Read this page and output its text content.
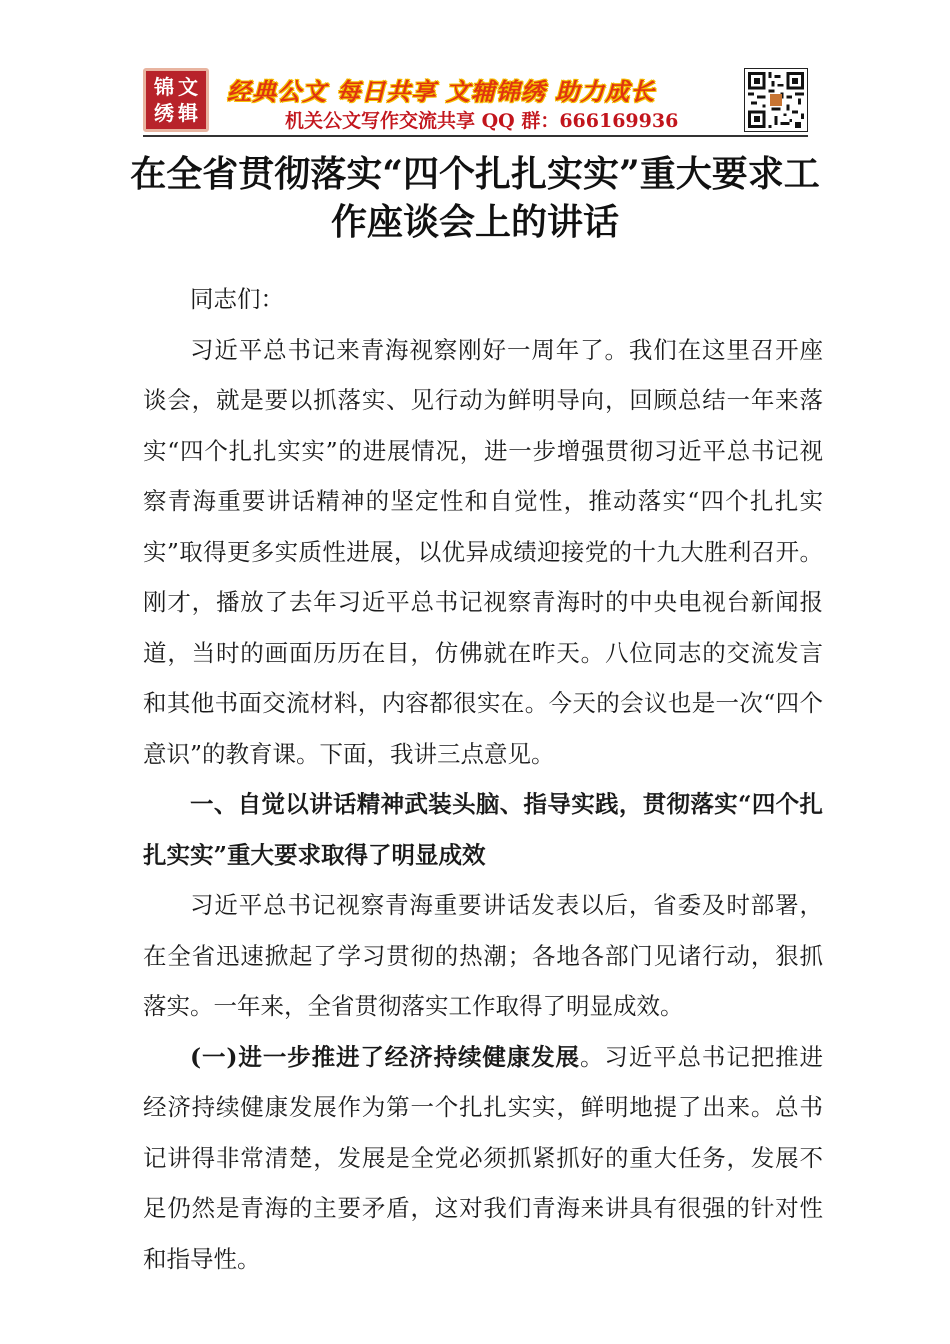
锦 文
绣 辑
经典公文 每日共享 文辅锦绣 助力成长
机关公文写作交流共享 QQ 群：666169936
在全省贯彻落实“四个扎扎实实”重大要求工作座谈会上的讲话

同志们：

习近平总书记来青海视察刚好一周年了。我们在这里召开座谈会，就是要以抓落实、见行动为鲜明导向，回顾总结一年来落实“四个扎扎实实”的进展情况，进一步增强贯彻习近平总书记视察青海重要讲话精神的坚定性和自觉性，推动落实“四个扎扎实实”取得更多实质性进展，以优异成绩迎接党的十九大胜利召开。刚才，播放了去年习近平总书记视察青海时的中央电视台新闻报道，当时的画面历历在目，仿佛就在昨天。八位同志的交流发言和其他书面交流材料，内容都很实在。今天的会议也是一次“四个意识”的教育课。下面，我讲三点意见。

一、自觉以讲话精神武装头脑、指导实践，贯彻落实“四个扎扎实实”重大要求取得了明显成效

习近平总书记视察青海重要讲话发表以后，省委及时部署，在全省迅速掀起了学习贯彻的热潮；各地各部门见诸行动，狠抓落实。一年来，全省贯彻落实工作取得了明显成效。

(一)进一步推进了经济持续健康发展。习近平总书记把推进经济持续健康发展作为第一个扎扎实实，鲜明地提了出来。总书记讲得非常清楚，发展是全党必须抓紧抓好的重大任务，发展不足仍然是青海的主要矛盾，这对我们青海来讲具有很强的针对性和指导性。
